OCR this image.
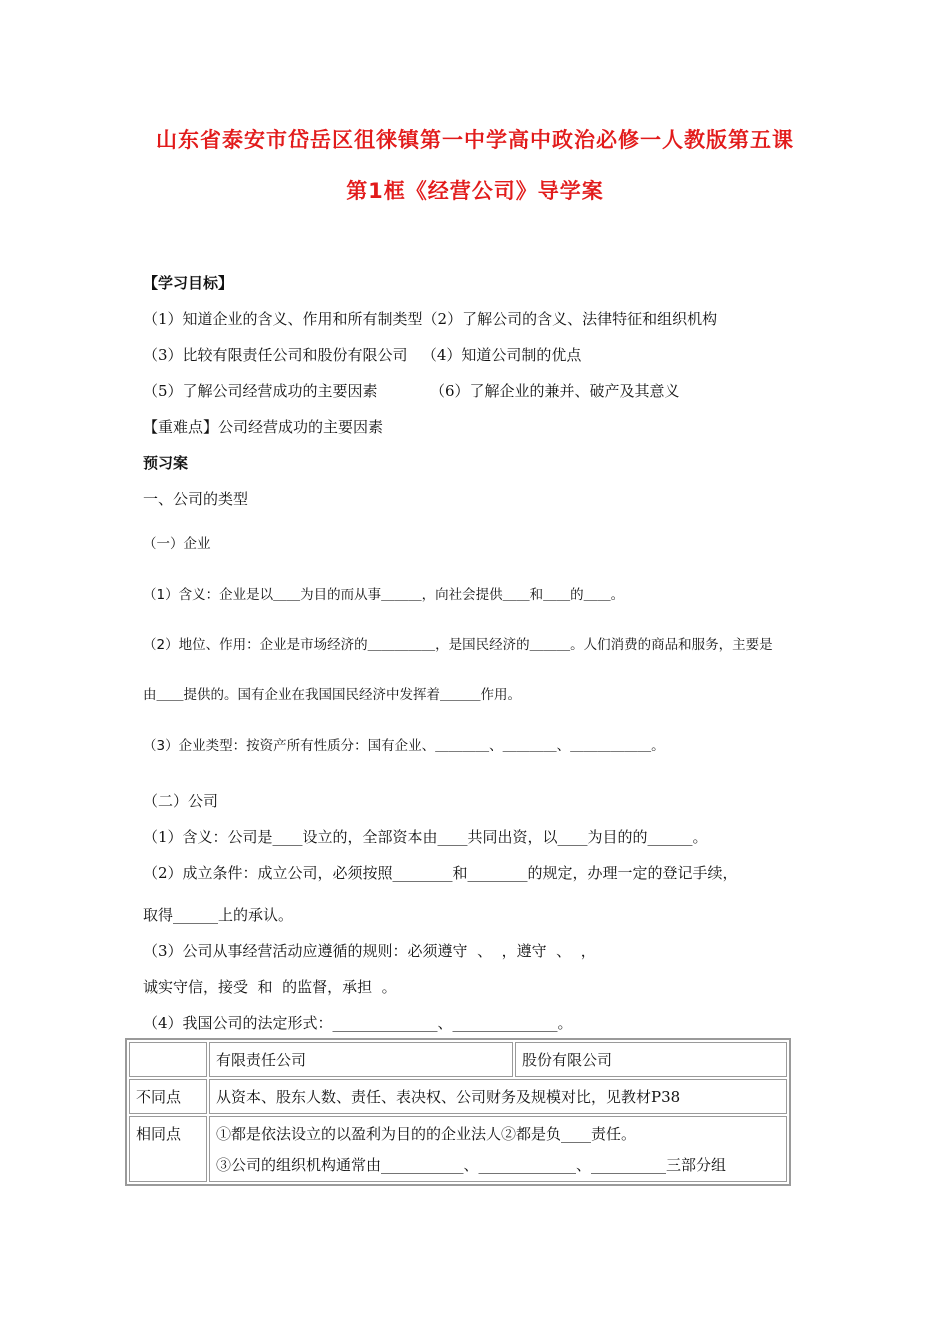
山东省泰安市岱岳区徂徕镇第一中学高中政治必修一人教版第五课
第1框《经营公司》导学案
【学习目标】
（1）知道企业的含义、作用和所有制类型（2）了解公司的含义、法律特征和组织机构
（3）比较有限责任公司和股份有限公司   （4）知道公司制的优点
（5）了解公司经营成功的主要因素           （6）了解企业的兼并、破产及其意义
【重难点】公司经营成功的主要因素
预习案
一、公司的类型
（一）企业
（1）含义：企业是以＿＿为目的而从事＿＿＿，向社会提供＿＿和＿＿的＿＿。
（2）地位、作用：企业是市场经济的＿＿＿＿＿，是国民经济的＿＿＿。人们消费的商品和服务，主要是
由＿＿提供的。国有企业在我国国民经济中发挥着＿＿＿作用。
（3）企业类型：按资产所有性质分：国有企业、＿＿＿＿、＿＿＿＿、＿＿＿＿＿＿。
（二）公司
（1）含义：公司是____设立的，全部资本由____共同出资，以____为目的的______。
（2）成立条件：成立公司，必须按照________和________的规定，办理一定的登记手续，
取得______上的承认。
（3）公司从事经营活动应遵循的规则：必须遵守  、  ，遵守  、  ，
诚实守信，接受  和  的监督，承担  。
（4）我国公司的法定形式：______________、______________。
	有限责任公司	股份有限公司
不同点	从资本、股东人数、责任、表决权、公司财务及规模对比，见教材P38	
相同点	①都是依法设立的以盈利为目的的企业法人②都是负____责任。
③公司的组织机构通常由___________、_____________、__________三部分组	
